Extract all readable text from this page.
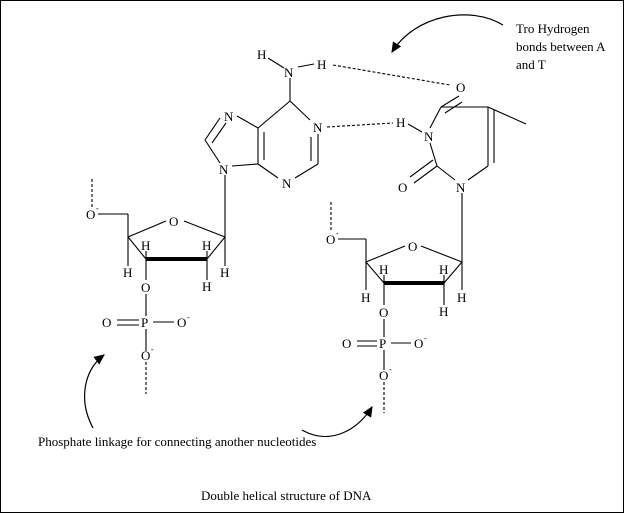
H
N
H
N
N
N
N
O
O -
H
H	H
H
H
O
P
O	O -
O -
H
N
N
O
O
O
O -
H
H	H
H
H
O
P
O	O -
O -
Tro Hydrogen
bonds between A
and T
Phosphate linkage for connecting another nucleotides
Double helical structure of DNA
